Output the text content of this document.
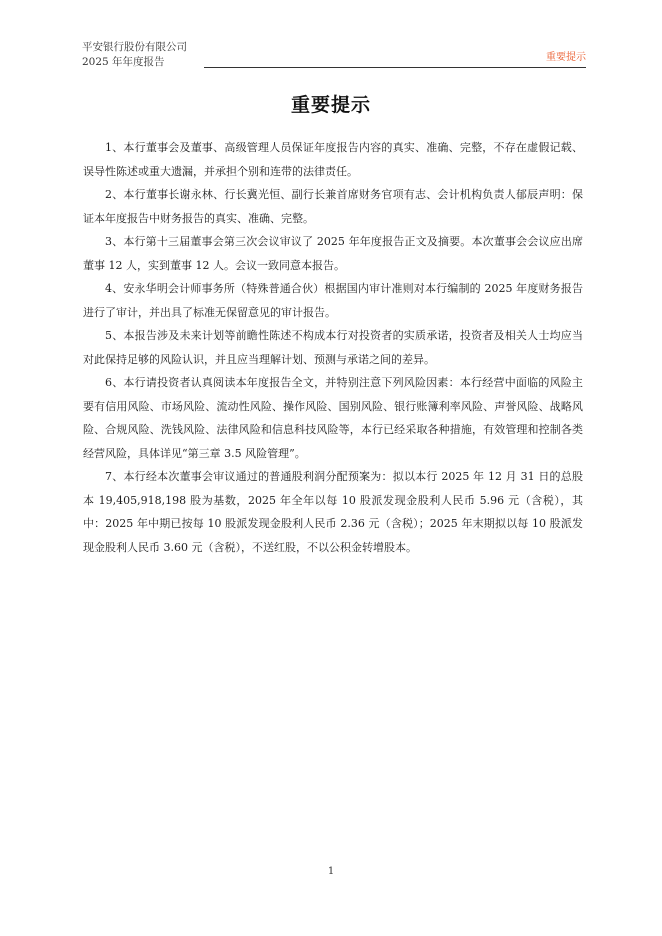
平安银行股份有限公司
2025 年年度报告	重要提示
重要提示

1、本行董事会及董事、高级管理人员保证年度报告内容的真实、准确、完整，不存在虚假记载、误导性陈述或重大遗漏，并承担个别和连带的法律责任。

2、本行董事长谢永林、行长冀光恒、副行长兼首席财务官项有志、会计机构负责人郁辰声明：保证本年度报告中财务报告的真实、准确、完整。

3、本行第十三届董事会第三次会议审议了 2025 年年度报告正文及摘要。本次董事会会议应出席董事 12 人，实到董事 12 人。会议一致同意本报告。

4、安永华明会计师事务所（特殊普通合伙）根据国内审计准则对本行编制的 2025 年度财务报告进行了审计，并出具了标准无保留意见的审计报告。

5、本报告涉及未来计划等前瞻性陈述不构成本行对投资者的实质承诺，投资者及相关人士均应当对此保持足够的风险认识，并且应当理解计划、预测与承诺之间的差异。

6、本行请投资者认真阅读本年度报告全文，并特别注意下列风险因素：本行经营中面临的风险主要有信用风险、市场风险、流动性风险、操作风险、国别风险、银行账簿利率风险、声誉风险、战略风险、合规风险、洗钱风险、法律风险和信息科技风险等，本行已经采取各种措施，有效管理和控制各类经营风险，具体详见“第三章 3.5 风险管理”。

7、本行经本次董事会审议通过的普通股利润分配预案为：拟以本行 2025 年 12 月 31 日的总股本 19,405,918,198 股为基数，2025 年全年以每 10 股派发现金股利人民币 5.96 元（含税），其中：2025 年中期已按每 10 股派发现金股利人民币 2.36 元（含税）；2025 年末期拟以每 10 股派发现金股利人民币 3.60 元（含税），不送红股，不以公积金转增股本。

1
